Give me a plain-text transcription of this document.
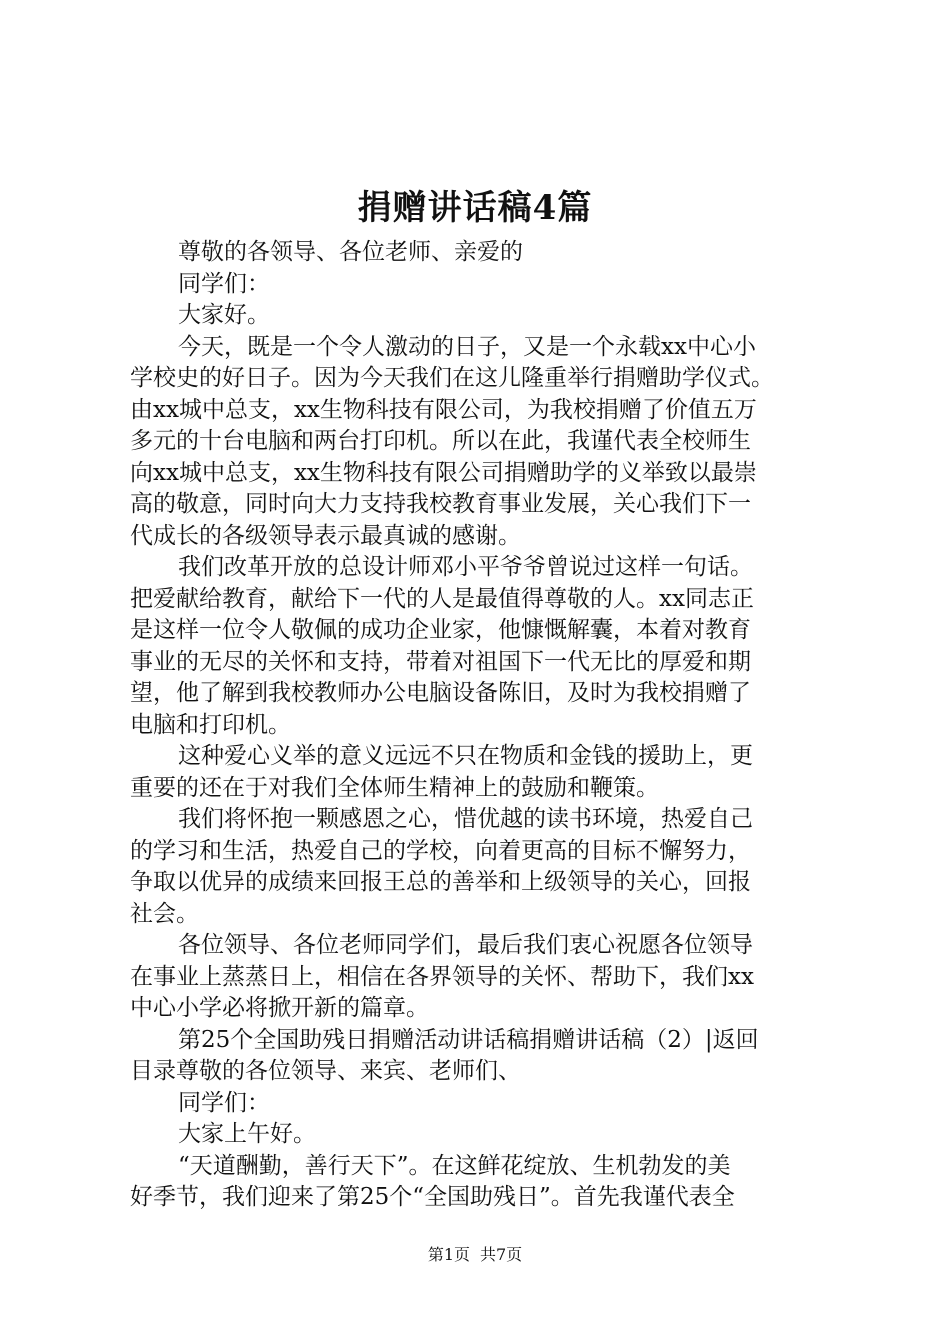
捐赠讲话稿4篇
尊敬的各领导、各位老师、亲爱的
同学们：
大家好。
今天，既是一个令人激动的日子，又是一个永载xx中心小
学校史的好日子。因为今天我们在这儿隆重举行捐赠助学仪式。
由xx城中总支，xx生物科技有限公司，为我校捐赠了价值五万
多元的十台电脑和两台打印机。所以在此，我谨代表全校师生
向xx城中总支，xx生物科技有限公司捐赠助学的义举致以最崇
高的敬意，同时向大力支持我校教育事业发展，关心我们下一
代成长的各级领导表示最真诚的感谢。
我们改革开放的总设计师邓小平爷爷曾说过这样一句话。
把爱献给教育，献给下一代的人是最值得尊敬的人。xx同志正
是这样一位令人敬佩的成功企业家，他慷慨解囊，本着对教育
事业的无尽的关怀和支持，带着对祖国下一代无比的厚爱和期
望，他了解到我校教师办公电脑设备陈旧，及时为我校捐赠了
电脑和打印机。
这种爱心义举的意义远远不只在物质和金钱的援助上，更
重要的还在于对我们全体师生精神上的鼓励和鞭策。
我们将怀抱一颗感恩之心，惜优越的读书环境，热爱自己
的学习和生活，热爱自己的学校，向着更高的目标不懈努力，
争取以优异的成绩来回报王总的善举和上级领导的关心，回报
社会。
各位领导、各位老师同学们，最后我们衷心祝愿各位领导
在事业上蒸蒸日上，相信在各界领导的关怀、帮助下，我们xx
中心小学必将掀开新的篇章。
第25个全国助残日捐赠活动讲话稿捐赠讲话稿（2）|返回
目录尊敬的各位领导、来宾、老师们、
同学们：
大家上午好。
“天道酬勤，善行天下”。在这鲜花绽放、生机勃发的美
好季节，我们迎来了第25个“全国助残日”。首先我谨代表全
第1页 共7页
